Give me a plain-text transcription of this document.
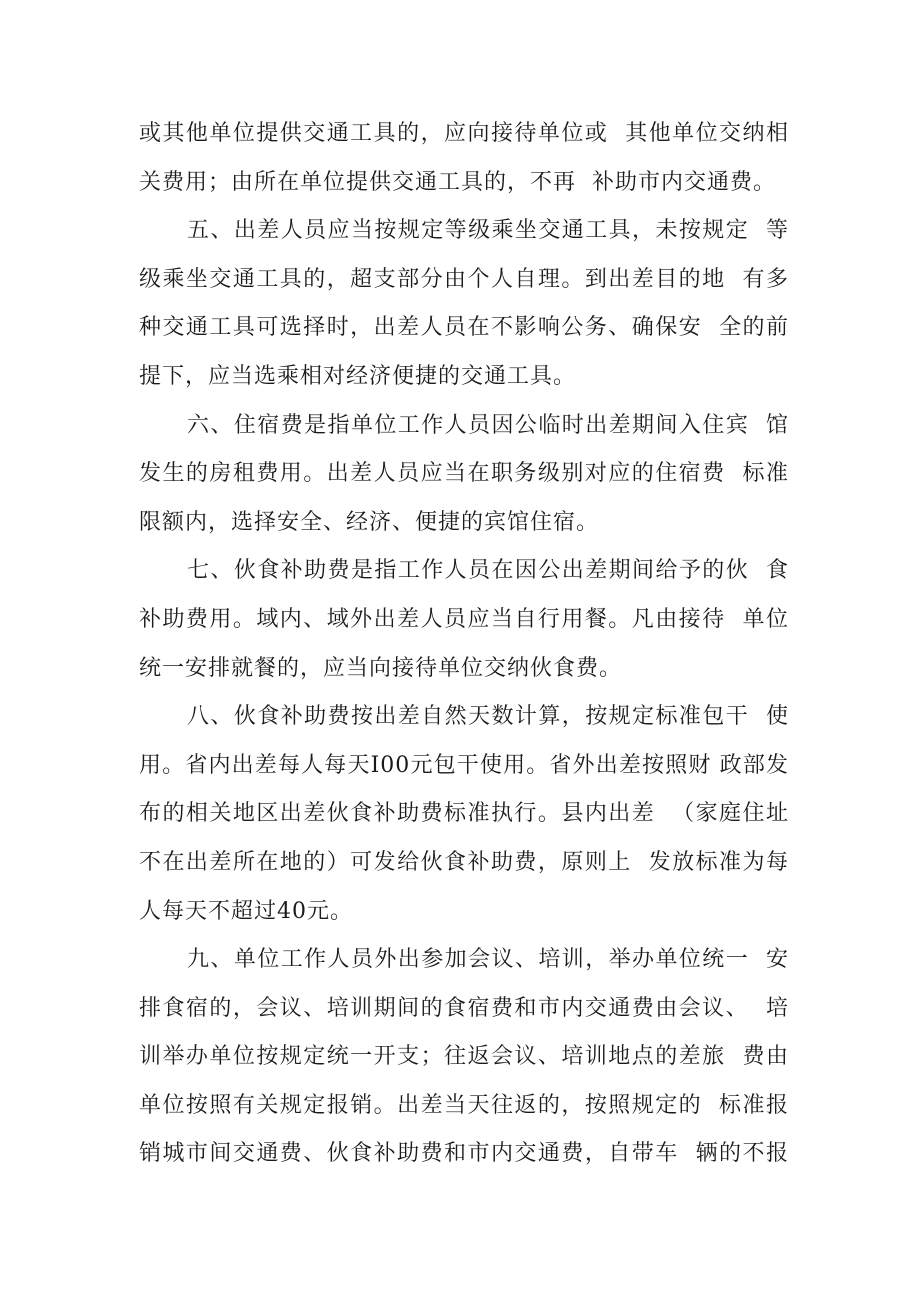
或其他单位提供交通工具的，应向接待单位或  其他单位交纳相
关费用；由所在单位提供交通工具的，不再  补助市内交通费。
五、出差人员应当按规定等级乘坐交通工具，未按规定  等
级乘坐交通工具的，超支部分由个人自理。到出差目的地  有多
种交通工具可选择时，出差人员在不影响公务、确保安  全的前
提下，应当选乘相对经济便捷的交通工具。
六、住宿费是指单位工作人员因公临时出差期间入住宾  馆
发生的房租费用。出差人员应当在职务级别对应的住宿费  标准
限额内，选择安全、经济、便捷的宾馆住宿。
七、伙食补助费是指工作人员在因公出差期间给予的伙  食
补助费用。域内、域外出差人员应当自行用餐。凡由接待  单位
统一安排就餐的，应当向接待单位交纳伙食费。
八、伙食补助费按出差自然天数计算，按规定标准包干  使
用。省内出差每人每天I00元包干使用。省外出差按照财 政部发
布的相关地区出差伙食补助费标准执行。县内出差  （家庭住址
不在出差所在地的）可发给伙食补助费，原则上  发放标准为每
人每天不超过40元。
九、单位工作人员外出参加会议、培训，举办单位统一  安
排食宿的，会议、培训期间的食宿费和市内交通费由会议、  培
训举办单位按规定统一开支；往返会议、培训地点的差旅  费由
单位按照有关规定报销。出差当天往返的，按照规定的  标准报
销城市间交通费、伙食补助费和市内交通费，自带车  辆的不报
